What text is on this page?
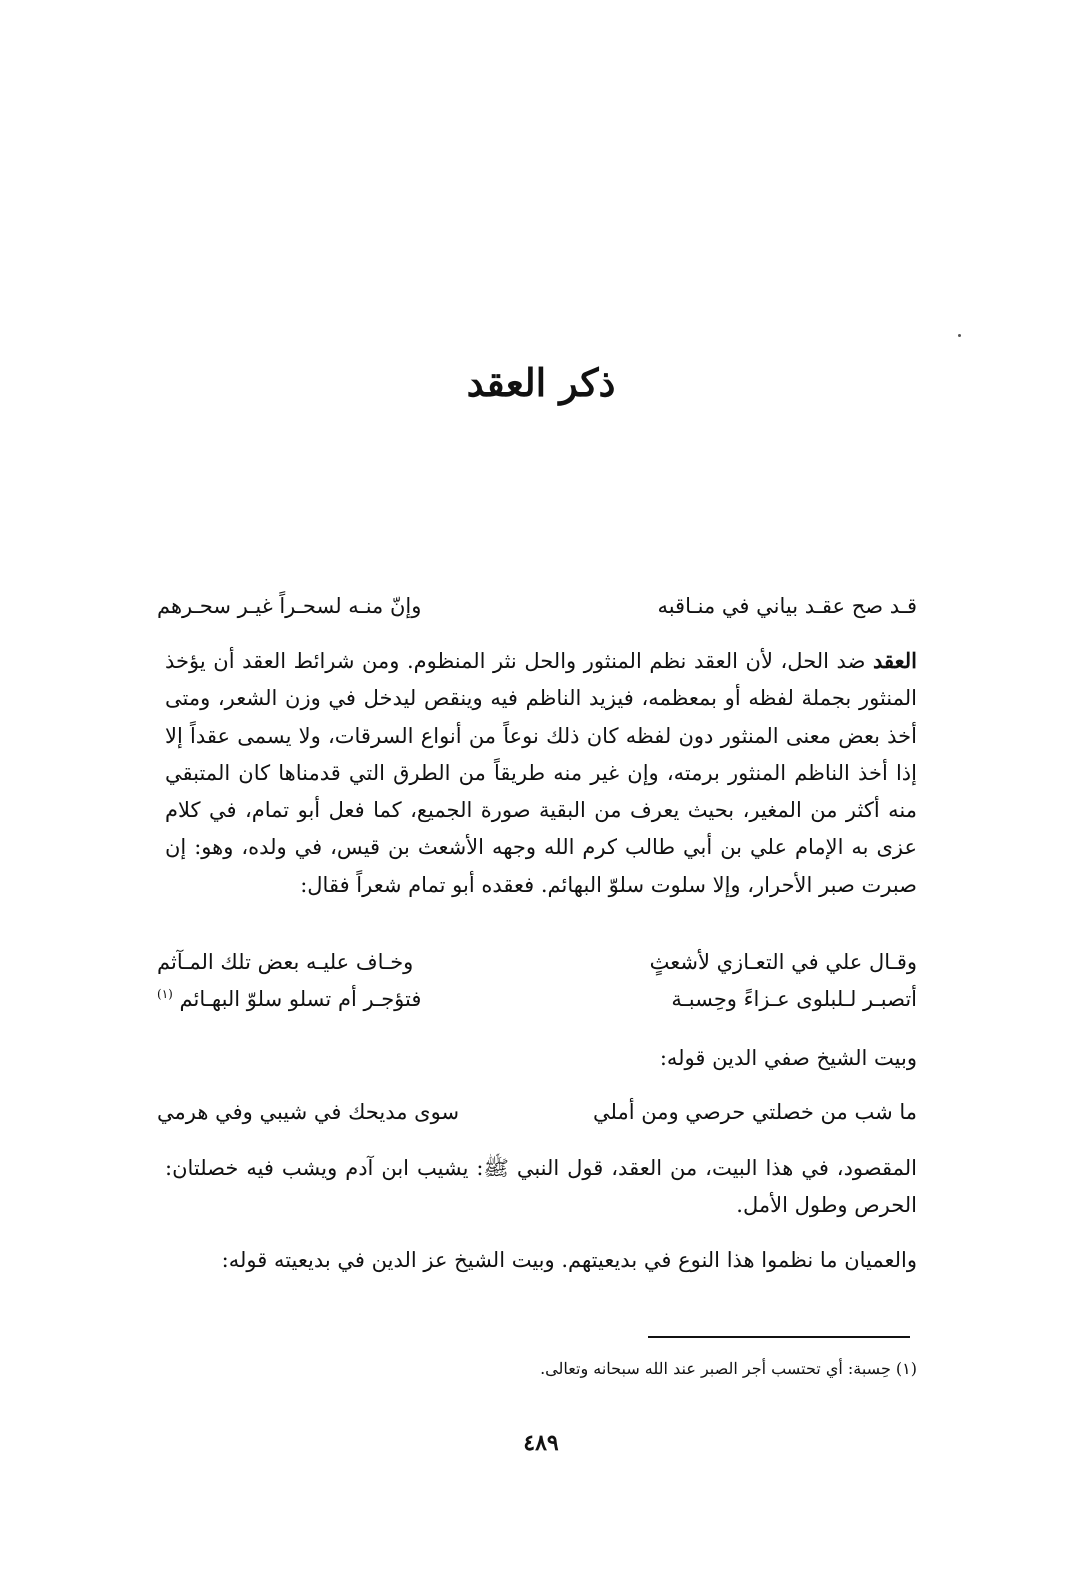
ذكر العقد
قـد صح عقـد بياني في منـاقبه
وإنّ منـه لسحـراً غيـر سحـرهم
العقد ضد الحل، لأن العقد نظم المنثور والحل نثر المنظوم. ومن شرائط العقد أن يؤخذ المنثور بجملة لفظه أو بمعظمه، فيزيد الناظم فيه وينقص ليدخل في وزن الشعر، ومتى أخذ بعض معنى المنثور دون لفظه كان ذلك نوعاً من أنواع السرقات، ولا يسمى عقداً إلا إذا أخذ الناظم المنثور برمته، وإن غير منه طريقاً من الطرق التي قدمناها كان المتبقي منه أكثر من المغير، بحيث يعرف من البقية صورة الجميع، كما فعل أبو تمام، في كلام عزى به الإمام علي بن أبي طالب كرم الله وجهه الأشعث بن قيس، في ولده، وهو: إن صبرت صبر الأحرار، وإلا سلوت سلوّ البهائم. فعقده أبو تمام شعراً فقال:
وقـال علي في التعـازي لأشعثٍ
وخـاف عليـه بعض تلك المـآثم
أتصبـر لـلبلوى عـزاءً وحِسبـة
فتؤجـر أم تسلو سلوّ البهـائم $^{(١)}$
وبيت الشيخ صفي الدين قوله:
ما شب من خصلتي حرصي ومن أملي
سوى مديحك في شيبي وفي هرمي
المقصود، في هذا البيت، من العقد، قول النبي ﷺ: يشيب ابن آدم ويشب فيه خصلتان: الحرص وطول الأمل.
والعميان ما نظموا هذا النوع في بديعيتهم. وبيت الشيخ عز الدين في بديعيته قوله:
(١) حِسبة: أي تحتسب أجر الصبر عند الله سبحانه وتعالى.
٤٨٩
